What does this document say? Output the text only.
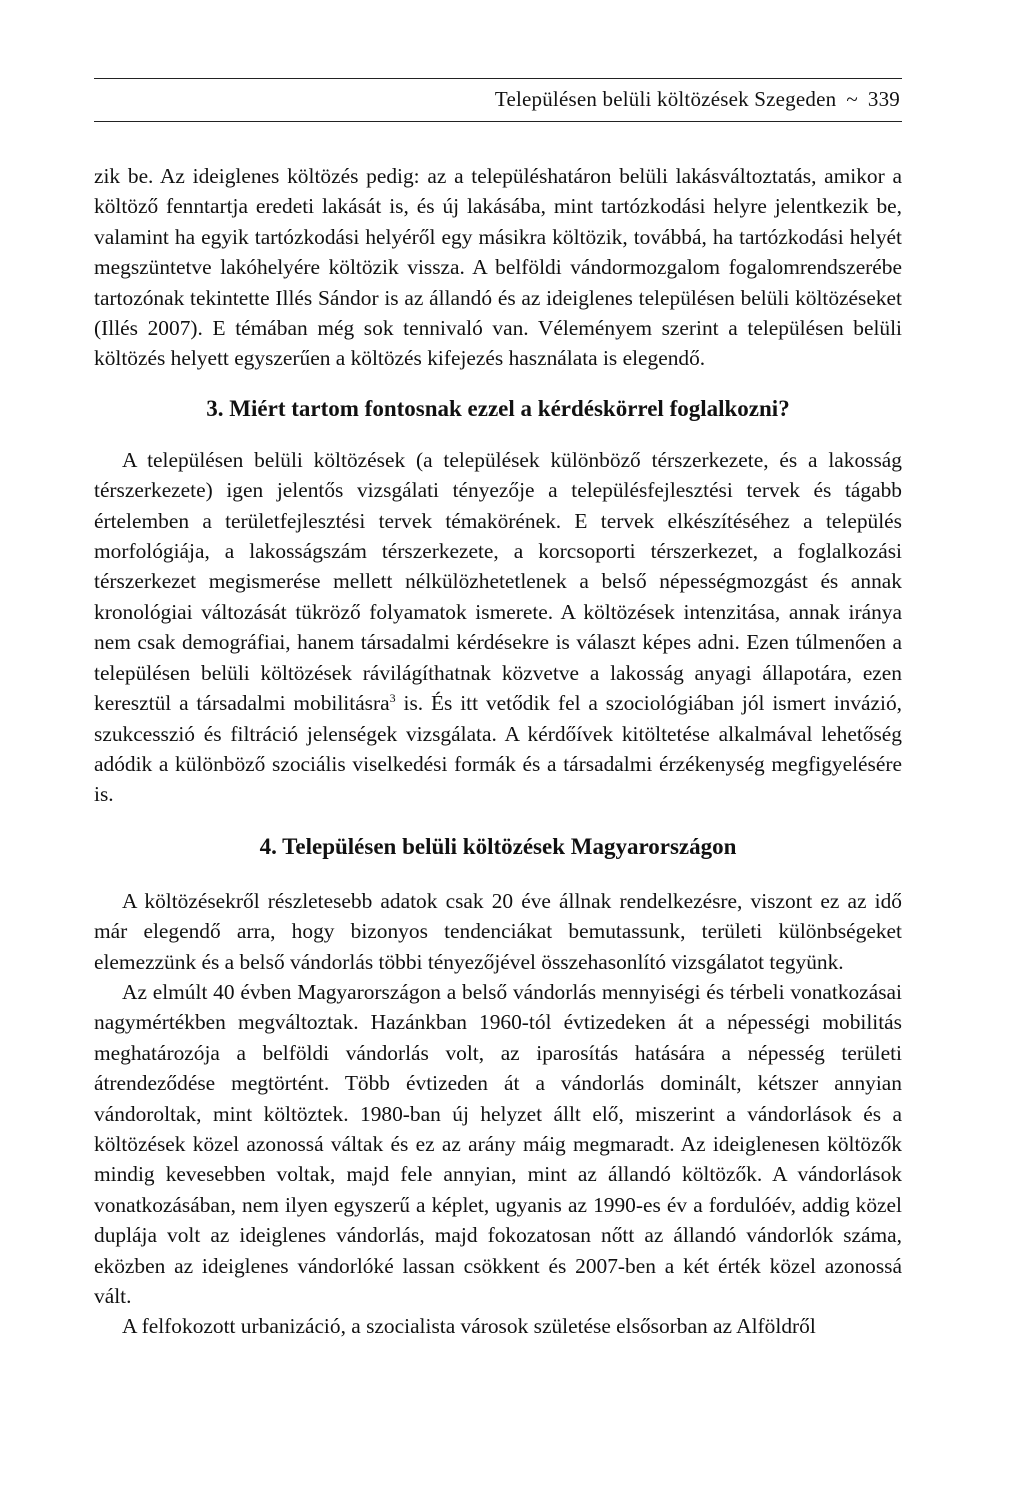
Településen belüli költözések Szegeden ~ 339

zik be. Az ideiglenes költözés pedig: az a településhatáron belüli lakásváltoztatás, amikor a költöző fenntartja eredeti lakását is, és új lakásába, mint tartózkodási helyre jelentkezik be, valamint ha egyik tartózkodási helyéről egy másikra költözik, továbbá, ha tartózkodási helyét megszüntetve lakóhelyére költözik vissza. A belföldi vándormozgalom fogalomrendszerébe tartozónak tekintette Illés Sándor is az állandó és az ideiglenes településen belüli költözéseket (Illés 2007). E témában még sok tennivaló van. Véleményem szerint a településen belüli költözés helyett egyszerűen a költözés kifejezés használata is elegendő.

3. Miért tartom fontosnak ezzel a kérdéskörrel foglalkozni?

A településen belüli költözések (a települések különböző térszerkezete, és a lakosság térszerkezete) igen jelentős vizsgálati tényezője a településfejlesztési tervek és tágabb értelemben a területfejlesztési tervek témakörének. E tervek elkészítéséhez a település morfológiája, a lakosságszám térszerkezete, a korcsoporti térszerkezet, a foglalkozási térszerkezet megismerése mellett nélkülözhetetlenek a belső népességmozgást és annak kronológiai változását tükröző folyamatok ismerete. A költözések intenzitása, annak iránya nem csak demográfiai, hanem társadalmi kérdésekre is választ képes adni. Ezen túlmenően a településen belüli költözések rávilágíthatnak közvetve a lakosság anyagi állapotára, ezen keresztül a társadalmi mobilitásra$^3$ is. És itt vetődik fel a szociológiában jól ismert invázió, szukcesszió és filtráció jelenségek vizsgálata. A kérdőívek kitöltetése alkalmával lehetőség adódik a különböző szociális viselkedési formák és a társadalmi érzékenység megfigyelésére is.

4. Településen belüli költözések Magyarországon

A költözésekről részletesebb adatok csak 20 éve állnak rendelkezésre, viszont ez az idő már elegendő arra, hogy bizonyos tendenciákat bemutassunk, területi különbségeket elemezzünk és a belső vándorlás többi tényezőjével összehasonlító vizsgálatot tegyünk.

Az elmúlt 40 évben Magyarországon a belső vándorlás mennyiségi és térbeli vonatkozásai nagymértékben megváltoztak. Hazánkban 1960-tól évtizedeken át a népességi mobilitás meghatározója a belföldi vándorlás volt, az iparosítás hatására a népesség területi átrendeződése megtörtént. Több évtizeden át a vándorlás dominált, kétszer annyian vándoroltak, mint költöztek. 1980-ban új helyzet állt elő, miszerint a vándorlások és a költözések közel azonossá váltak és ez az arány máig megmaradt. Az ideiglenesen költözők mindig kevesebben voltak, majd fele annyian, mint az állandó költözők. A vándorlások vonatkozásában, nem ilyen egyszerű a képlet, ugyanis az 1990-es év a fordulóév, addig közel duplája volt az ideiglenes vándorlás, majd fokozatosan nőtt az állandó vándorlók száma, eközben az ideiglenes vándorlóké lassan csökkent és 2007-ben a két érték közel azonossá vált.

A felfokozott urbanizáció, a szocialista városok születése elsősorban az Alföldről
